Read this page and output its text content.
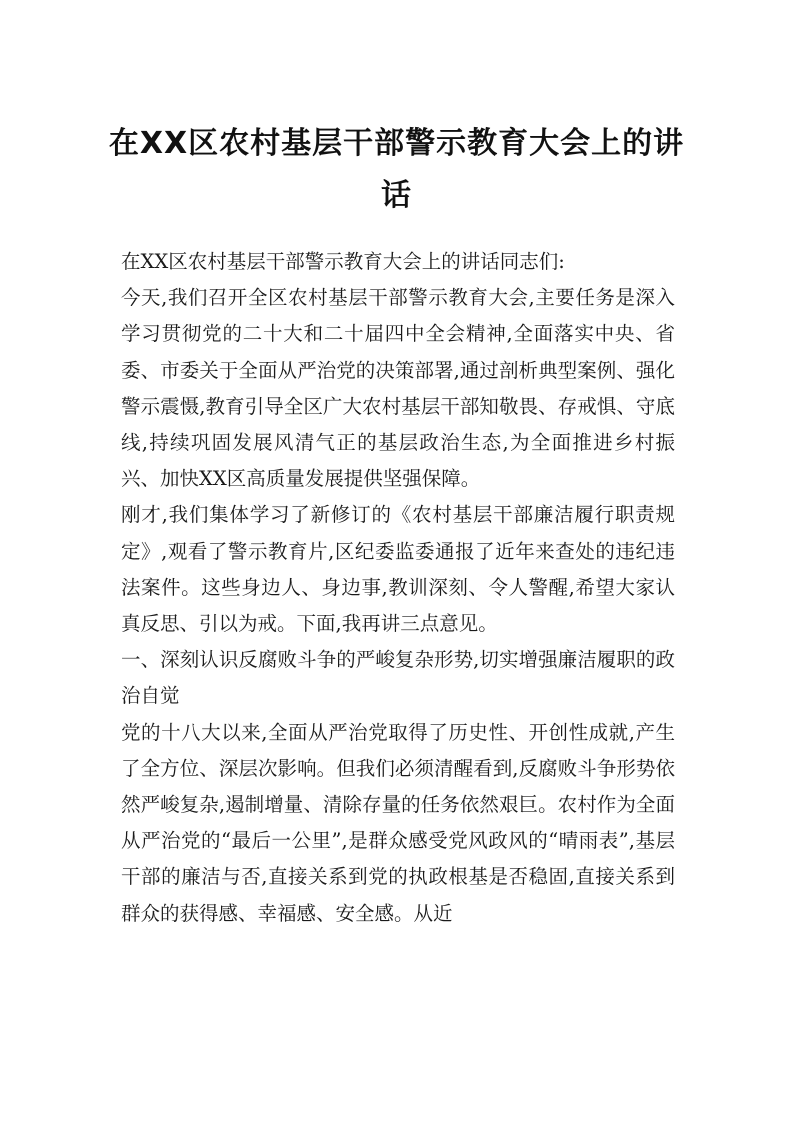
在XX区农村基层干部警示教育大会上的讲话

在XX区农村基层干部警示教育大会上的讲话同志们:

今天,我们召开全区农村基层干部警示教育大会,主要任务是深入学习贯彻党的二十大和二十届四中全会精神,全面落实中央、省委、市委关于全面从严治党的决策部署,通过剖析典型案例、强化警示震慑,教育引导全区广大农村基层干部知敬畏、存戒惧、守底线,持续巩固发展风清气正的基层政治生态,为全面推进乡村振兴、加快XX区高质量发展提供坚强保障。

刚才,我们集体学习了新修订的《农村基层干部廉洁履行职责规定》,观看了警示教育片,区纪委监委通报了近年来查处的违纪违法案件。这些身边人、身边事,教训深刻、令人警醒,希望大家认真反思、引以为戒。下面,我再讲三点意见。

一、深刻认识反腐败斗争的严峻复杂形势,切实增强廉洁履职的政治自觉

党的十八大以来,全面从严治党取得了历史性、开创性成就,产生了全方位、深层次影响。但我们必须清醒看到,反腐败斗争形势依然严峻复杂,遏制增量、清除存量的任务依然艰巨。农村作为全面从严治党的“最后一公里”,是群众感受党风政风的“晴雨表”,基层干部的廉洁与否,直接关系到党的执政根基是否稳固,直接关系到群众的获得感、幸福感、安全感。从近
